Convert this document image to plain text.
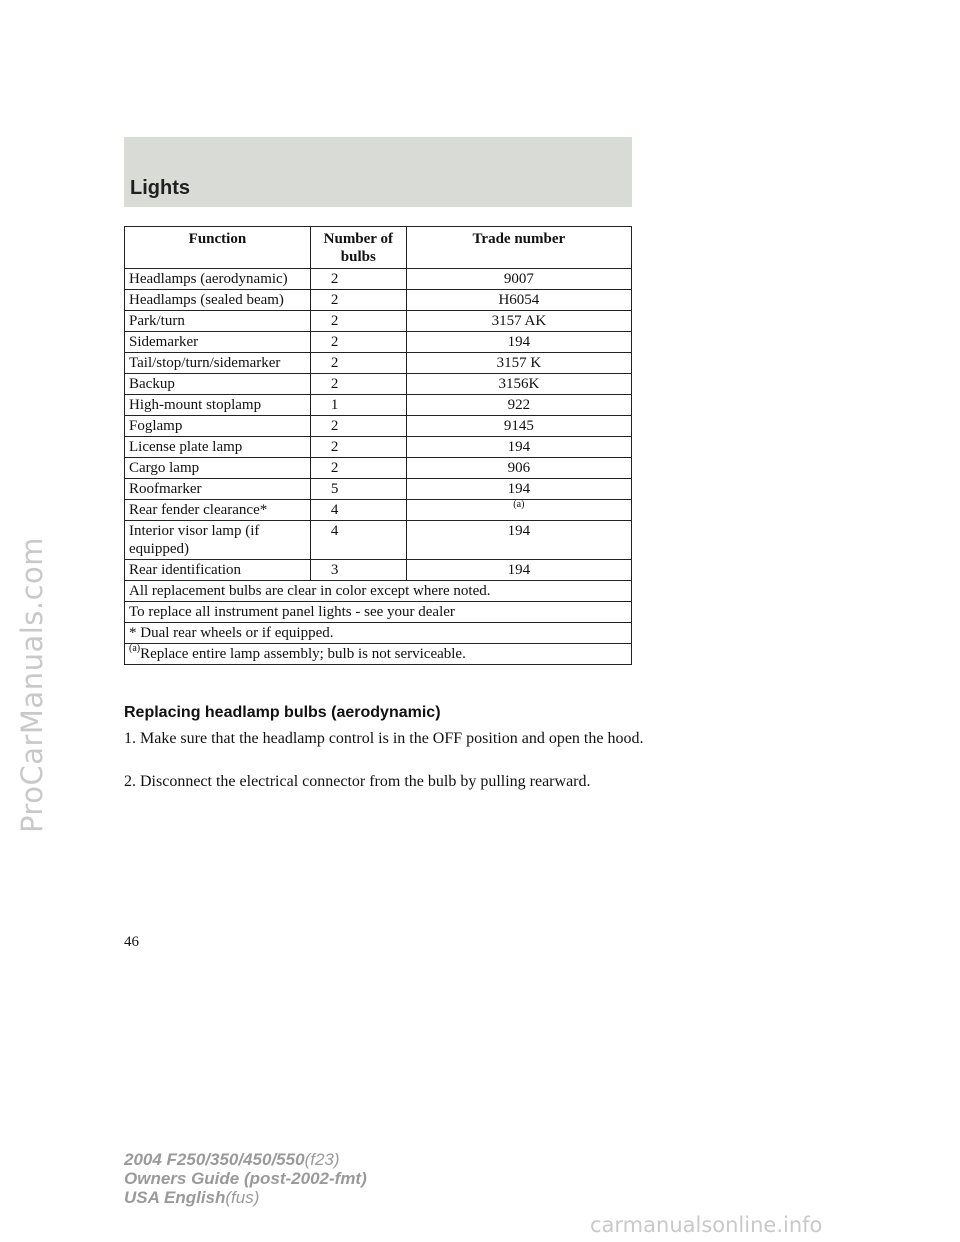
ProCarManuals.com
Lights
Function	Number of bulbs	Trade number
Headlamps (aerodynamic)	2	9007
Headlamps (sealed beam)	2	H6054
Park/turn	2	3157 AK
Sidemarker	2	194
Tail/stop/turn/sidemarker	2	3157 K
Backup	2	3156K
High-mount stoplamp	1	922
Foglamp	2	9145
License plate lamp	2	194
Cargo lamp	2	906
Roofmarker	5	194
Rear fender clearance*	4	$^{(a)}$
Interior visor lamp (if equipped)	4	194
Rear identification	3	194
All replacement bulbs are clear in color except where noted.		
To replace all instrument panel lights - see your dealer		
* Dual rear wheels or if equipped.		
$^{(a)}$Replace entire lamp assembly; bulb is not serviceable.		
Replacing headlamp bulbs (aerodynamic)
1. Make sure that the headlamp control is in the OFF position and open the hood.
2. Disconnect the electrical connector from the bulb by pulling rearward.
46
2004 F250/350/450/550(f23)
Owners Guide (post-2002-fmt)
USA English(fus)
carmanualsonline.info
